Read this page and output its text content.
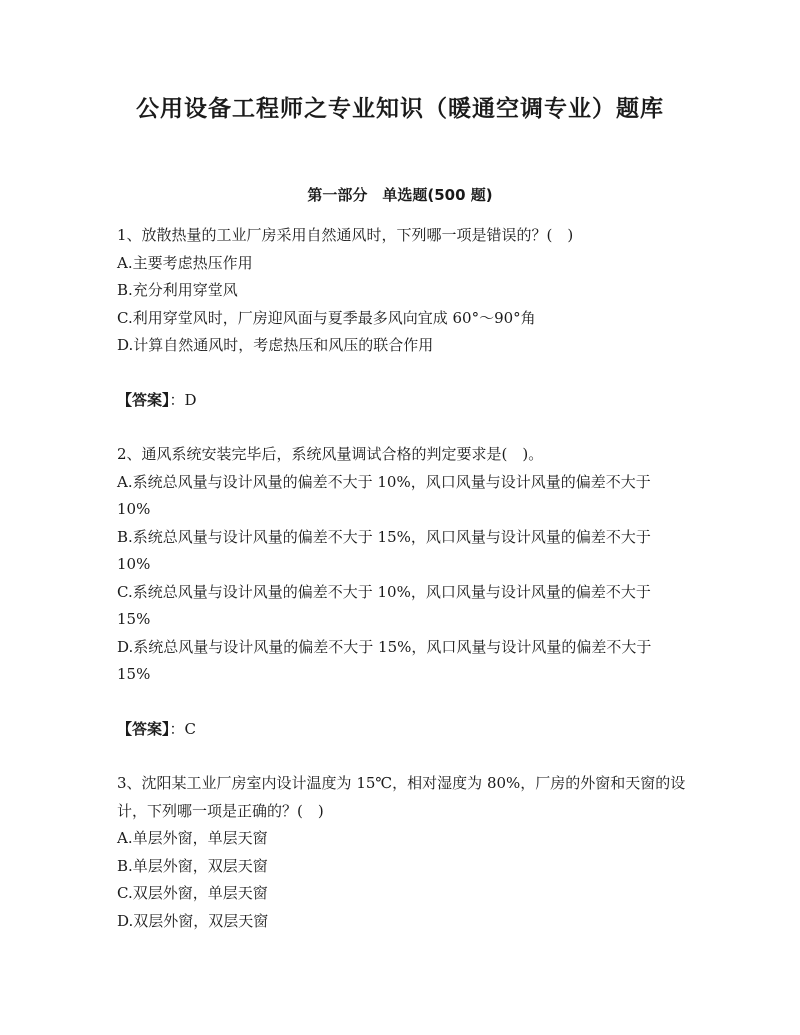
公用设备工程师之专业知识（暖通空调专业）题库
第一部分　单选题(500 题)
1、放散热量的工业厂房采用自然通风时，下列哪一项是错误的？(　)
A.主要考虑热压作用
B.充分利用穿堂风
C.利用穿堂风时，厂房迎风面与夏季最多风向宜成 60°～90°角
D.计算自然通风时，考虑热压和风压的联合作用
【答案】：D
2、通风系统安装完毕后，系统风量调试合格的判定要求是(　)。
A.系统总风量与设计风量的偏差不大于 10%，风口风量与设计风量的偏差不大于 10%
B.系统总风量与设计风量的偏差不大于 15%，风口风量与设计风量的偏差不大于 10%
C.系统总风量与设计风量的偏差不大于 10%，风口风量与设计风量的偏差不大于 15%
D.系统总风量与设计风量的偏差不大于 15%，风口风量与设计风量的偏差不大于 15%
【答案】：C
3、沈阳某工业厂房室内设计温度为 15℃，相对湿度为 80%，厂房的外窗和天窗的设计，下列哪一项是正确的？(　)
A.单层外窗，单层天窗
B.单层外窗，双层天窗
C.双层外窗，单层天窗
D.双层外窗，双层天窗
